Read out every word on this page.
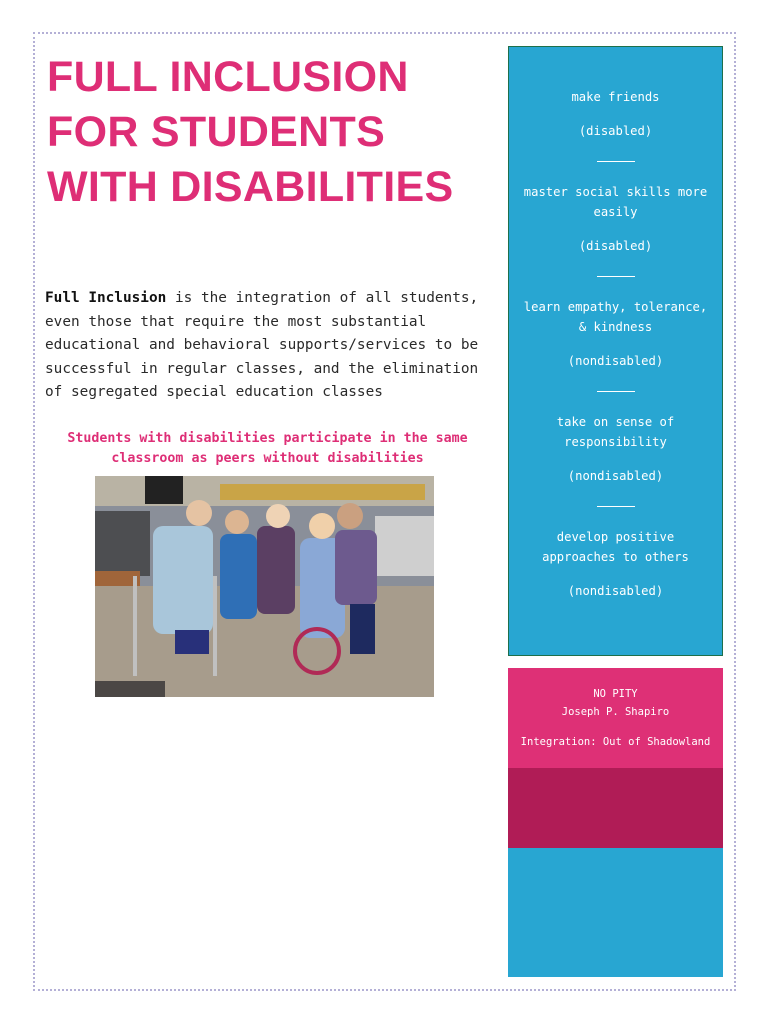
FULL INCLUSION FOR STUDENTS WITH DISABILITIES

Full Inclusion is the integration of all students, even those that require the most substantial educational and behavioral supports/services to be successful in regular classes, and the elimination of segregated special education classes

Students with disabilities participate in the same classroom as peers without disabilities

make friends
(disabled)
master social skills more easily
(disabled)
learn empathy, tolerance, & kindness
(nondisabled)
take on sense of responsibility
(nondisabled)
develop positive approaches to others
(nondisabled)
NO PITY
Joseph P. Shapiro
Integration: Out of Shadowland
